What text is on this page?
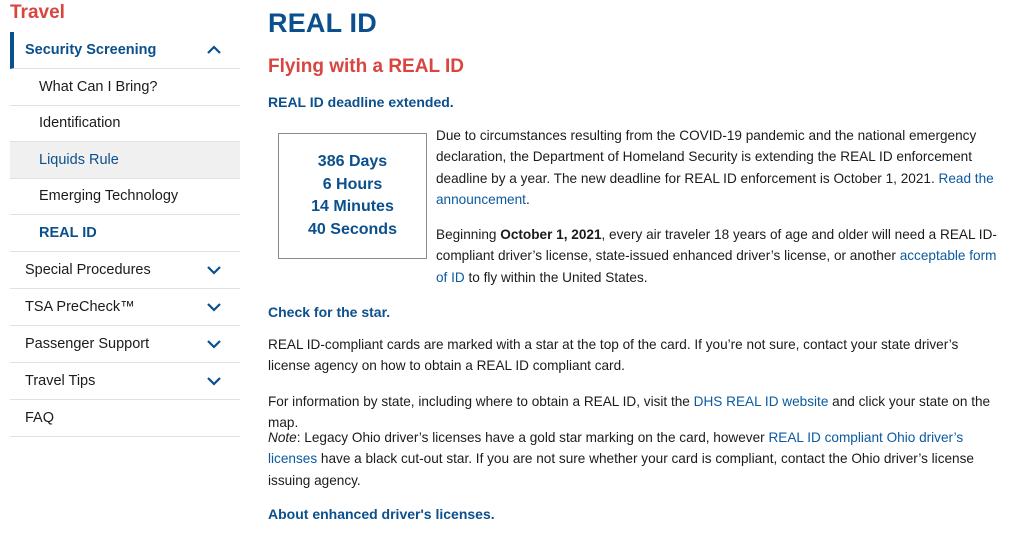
Travel
Security Screening
What Can I Bring?
Identification
Liquids Rule
Emerging Technology
REAL ID
Special Procedures
TSA PreCheck™
Passenger Support
Travel Tips
FAQ
REAL ID
Flying with a REAL ID
REAL ID deadline extended.
386 Days
6 Hours
14 Minutes
40 Seconds

Due to circumstances resulting from the COVID-19 pandemic and the national emergency declaration, the Department of Homeland Security is extending the REAL ID enforcement deadline by a year. The new deadline for REAL ID enforcement is October 1, 2021. Read the announcement.

Beginning October 1, 2021, every air traveler 18 years of age and older will need a REAL ID-compliant driver’s license, state-issued enhanced driver’s license, or another acceptable form of ID to fly within the United States.

Check for the star.

REAL ID-compliant cards are marked with a star at the top of the card. If you’re not sure, contact your state driver’s license agency on how to obtain a REAL ID compliant card.

For information by state, including where to obtain a REAL ID, visit the DHS REAL ID website and click your state on the map.

Note: Legacy Ohio driver’s licenses have a gold star marking on the card, however REAL ID compliant Ohio driver’s licenses have a black cut-out star. If you are not sure whether your card is compliant, contact the Ohio driver’s license issuing agency.

About enhanced driver's licenses.
